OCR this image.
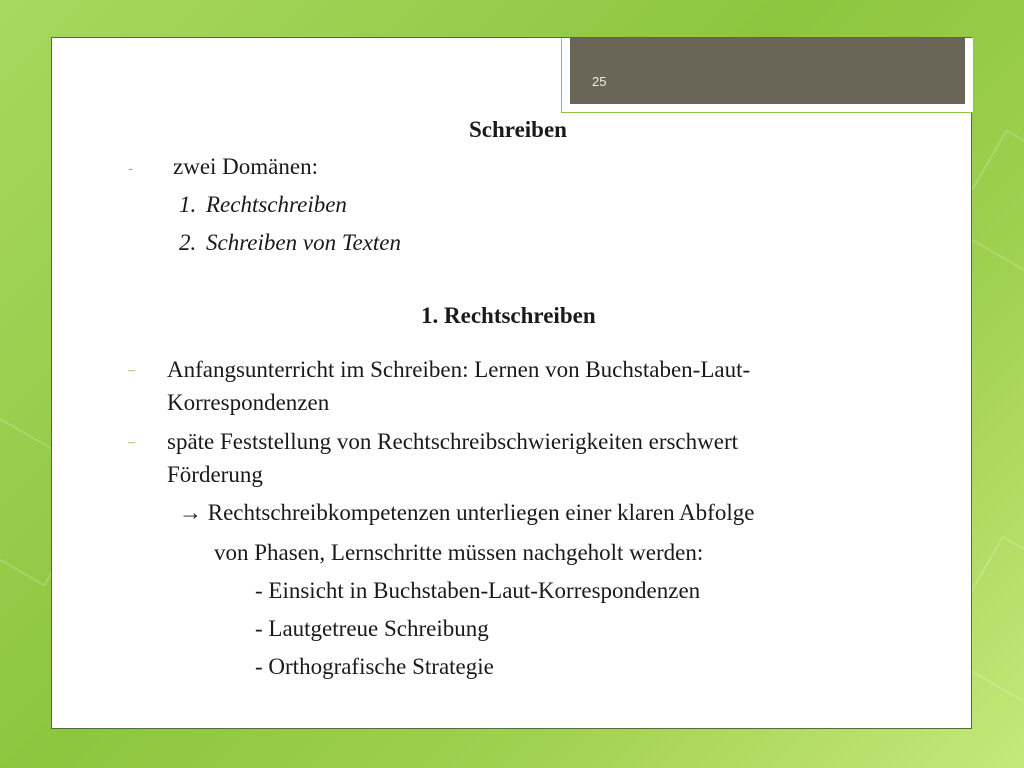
25
Schreiben
- zwei Domänen:
1. Rechtschreiben
2. Schreiben von Texten
1. Rechtschreiben
– Anfangsunterricht im Schreiben: Lernen von Buchstaben-Laut-
Korrespondenzen
– späte Feststellung von Rechtschreibschwierigkeiten erschwert
Förderung
→ Rechtschreibkompetenzen unterliegen einer klaren Abfolge
von Phasen, Lernschritte müssen nachgeholt werden:
- Einsicht in Buchstaben-Laut-Korrespondenzen
- Lautgetreue Schreibung
- Orthografische Strategie
